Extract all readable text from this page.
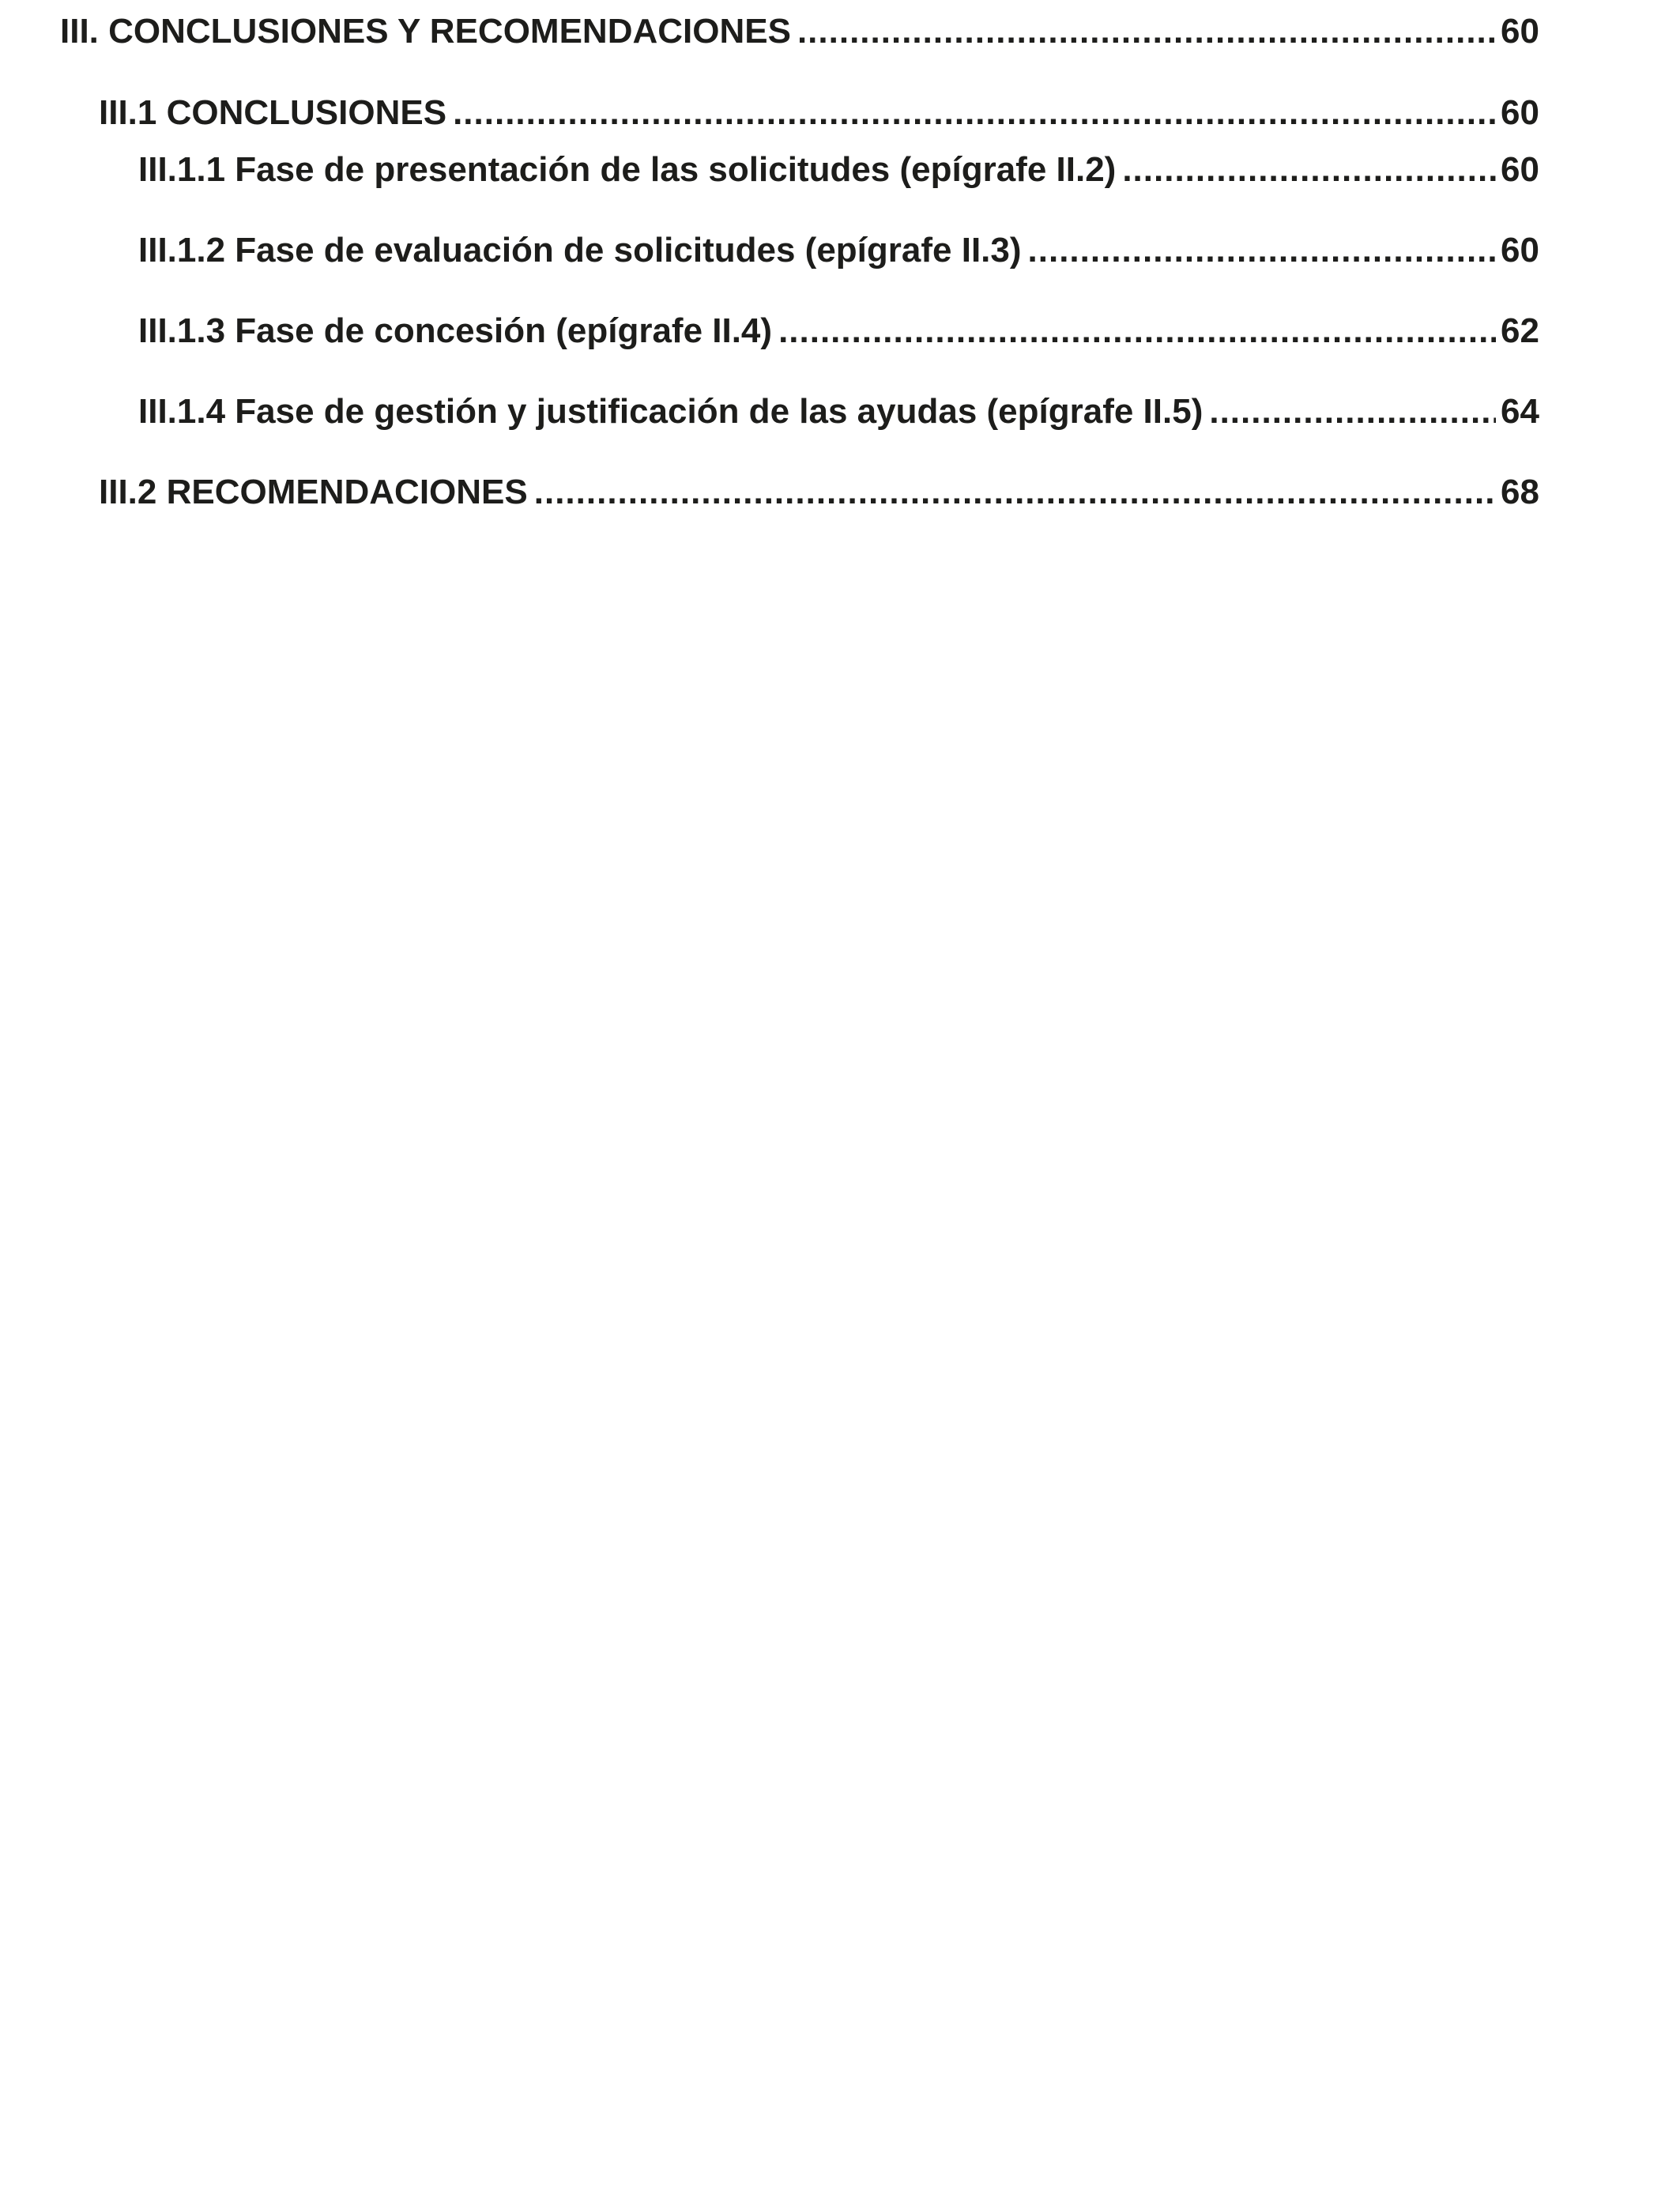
III. CONCLUSIONES Y RECOMENDACIONES .....	60
III.1 CONCLUSIONES .....	60
III.1.1 Fase de presentación de las solicitudes (epígrafe II.2) .....	60
III.1.2 Fase de evaluación de solicitudes (epígrafe II.3) .....	60
III.1.3 Fase de concesión (epígrafe II.4) .....	62
III.1.4 Fase de gestión y justificación de las ayudas (epígrafe II.5) .....	64
III.2 RECOMENDACIONES .....	68
